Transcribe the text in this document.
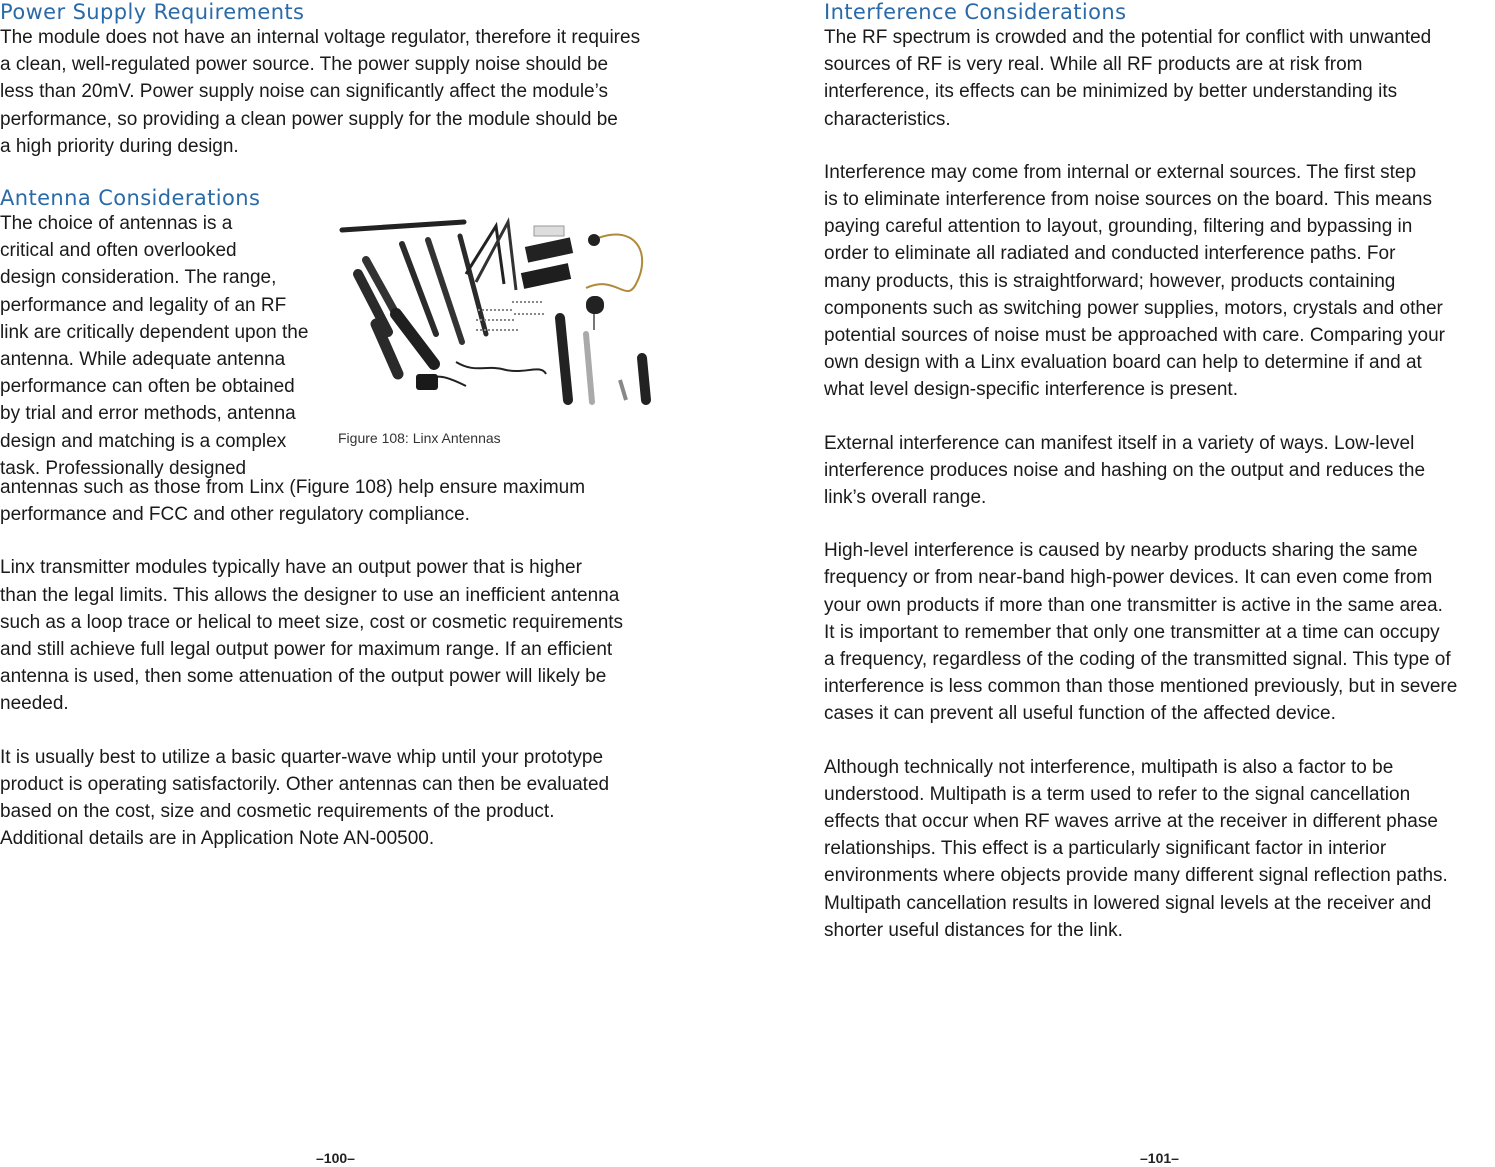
Power Supply Requirements

The module does not have an internal voltage regulator, therefore it requires
a clean, well-regulated power source. The power supply noise should be
less than 20mV. Power supply noise can significantly affect the module’s
performance, so providing a clean power supply for the module should be
a high priority during design.

Antenna Considerations

The choice of antennas is a
critical and often overlooked
design consideration. The range,
performance and legality of an RF
link are critically dependent upon the
antenna. While adequate antenna
performance can often be obtained
by trial and error methods, antenna
design and matching is a complex
task. Professionally designed

Figure 108: Linx Antennas

antennas such as those from Linx (Figure 108) help ensure maximum
performance and FCC and other regulatory compliance.

Linx transmitter modules typically have an output power that is higher
than the legal limits. This allows the designer to use an inefficient antenna
such as a loop trace or helical to meet size, cost or cosmetic requirements
and still achieve full legal output power for maximum range. If an efficient
antenna is used, then some attenuation of the output power will likely be
needed.

It is usually best to utilize a basic quarter-wave whip until your prototype
product is operating satisfactorily. Other antennas can then be evaluated
based on the cost, size and cosmetic requirements of the product.
Additional details are in Application Note AN-00500.

–100–
Interference Considerations

The RF spectrum is crowded and the potential for conflict with unwanted
sources of RF is very real. While all RF products are at risk from
interference, its effects can be minimized by better understanding its
characteristics.

Interference may come from internal or external sources. The first step
is to eliminate interference from noise sources on the board. This means
paying careful attention to layout, grounding, filtering and bypassing in
order to eliminate all radiated and conducted interference paths. For
many products, this is straightforward; however, products containing
components such as switching power supplies, motors, crystals and other
potential sources of noise must be approached with care. Comparing your
own design with a Linx evaluation board can help to determine if and at
what level design-specific interference is present.

External interference can manifest itself in a variety of ways. Low-level
interference produces noise and hashing on the output and reduces the
link’s overall range.

High-level interference is caused by nearby products sharing the same
frequency or from near-band high-power devices. It can even come from
your own products if more than one transmitter is active in the same area.
It is important to remember that only one transmitter at a time can occupy
a frequency, regardless of the coding of the transmitted signal. This type of
interference is less common than those mentioned previously, but in severe
cases it can prevent all useful function of the affected device.

Although technically not interference, multipath is also a factor to be
understood. Multipath is a term used to refer to the signal cancellation
effects that occur when RF waves arrive at the receiver in different phase
relationships. This effect is a particularly significant factor in interior
environments where objects provide many different signal reflection paths.
Multipath cancellation results in lowered signal levels at the receiver and
shorter useful distances for the link.

–101–
